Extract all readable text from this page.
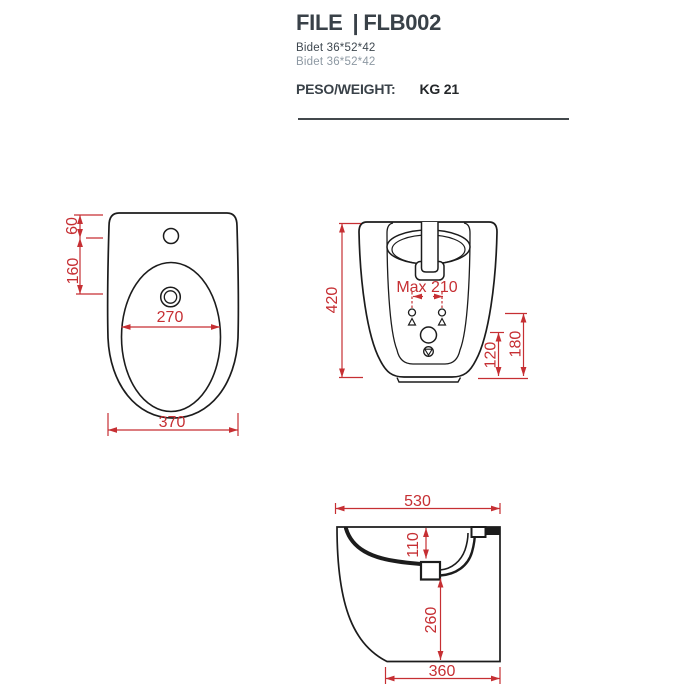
FILE | FLB002
Bidet 36*52*42
Bidet 36*52*42
PESO/WEIGHT: KG 21
60
160
270
370
Max 210
420
120 180
530
110
260
360
